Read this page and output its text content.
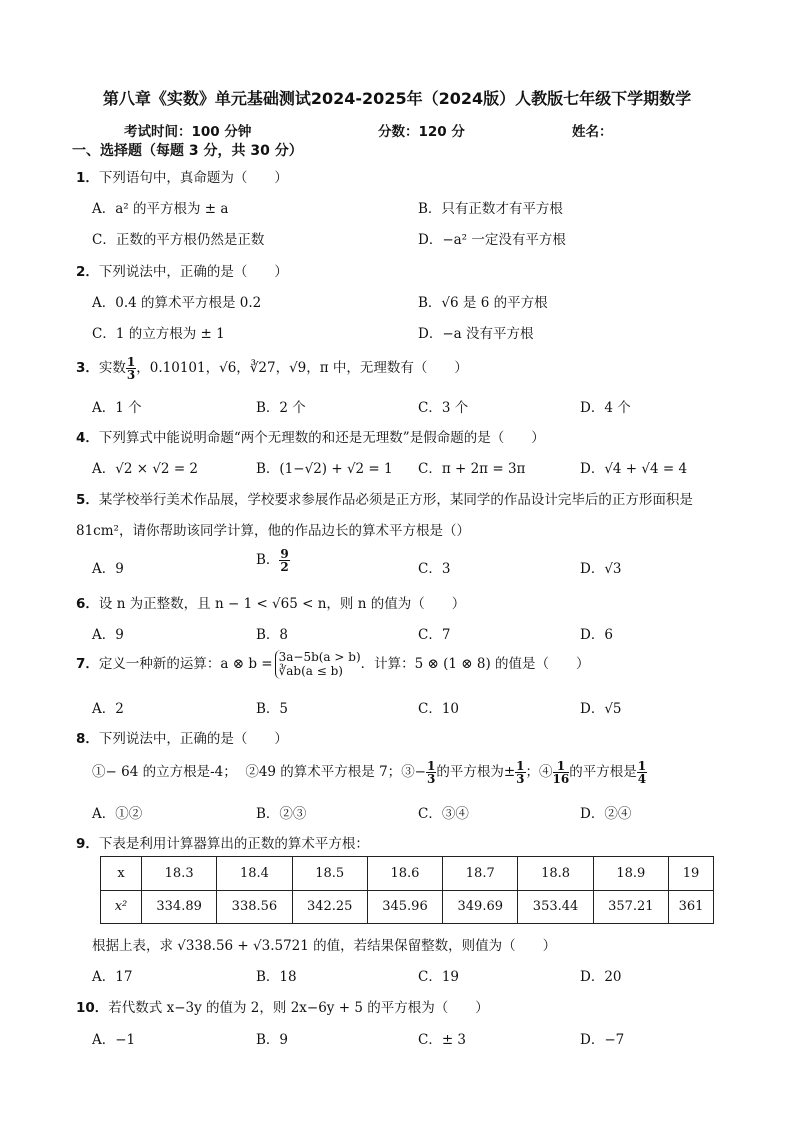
第八章《实数》单元基础测试2024-2025年（2024版）人教版七年级下学期数学
考试时间：100 分钟	分数：120 分	姓名：
一、选择题（每题 3 分，共 30 分）
1．下列语句中，真命题为（　　）
A．a² 的平方根为 ± a	B．只有正数才有平方根
C．正数的平方根仍然是正数	D．−a² 一定没有平方根
2．下列说法中，正确的是（　　）
A．0.4 的算术平方根是 0.2	B．√6 是 6 的平方根
C．1 的立方根为 ± 1	D．−a 没有平方根
3．实数 $\frac{1}{3}$ ，0.10101，√6，∛27，√9，π 中，无理数有（　　）
A．1 个	B．2 个	C．3 个	D．4 个
4．下列算式中能说明命题“两个无理数的和还是无理数”是假命题的是（　　）
A．√2 × √2 = 2	B．(1−√2) + √2 = 1 C．π + 2π = 3π	D．√4 + √4 = 4
5．某学校举行美术作品展，学校要求参展作品必须是正方形，某同学的作品设计完毕后的正方形面积是
81cm²，请你帮助该同学计算，他的作品边长的算术平方根是（）
A．9
B． $\frac{9}{2}$	C．3	D．√3
6．设 n 为正整数，且 n − 1 < √65 < n，则 n 的值为（　　）
A．9	B．8	C．7	D．6
7．定义一种新的运算：a ⊗ b = 3a−5b(a > b)
∛ab(a ≤ b)	．计算：5 ⊗ (1 ⊗ 8) 的值是（　　）
A．2	B．5	C．10	D．√5
8．下列说法中，正确的是（　　）
①− 64 的立方根是-4； ②49 的算术平方根是 7；③− $\frac{1}{3}$ 的平方根为± $\frac{1}{3}$ ；④ $\frac{1}{16}$ 的平方根是 $\frac{1}{4}$
A．①②	B．②③	C．③④	D．②④
9．下表是利用计算器算出的正数的算术平方根：
x	18.3	18.4	18.5	18.6	18.7	18.8	18.9	19
x²	334.89	338.56	342.25	345.96	349.69	353.44	357.21	361
根据上表，求 √338.56 + √3.5721 的值，若结果保留整数，则值为（　　）
A．17	B．18	C．19	D．20
10．若代数式 x−3y 的值为 2，则 2x−6y + 5 的平方根为（　　）
A．−1	B．9	C．± 3	D．−7
